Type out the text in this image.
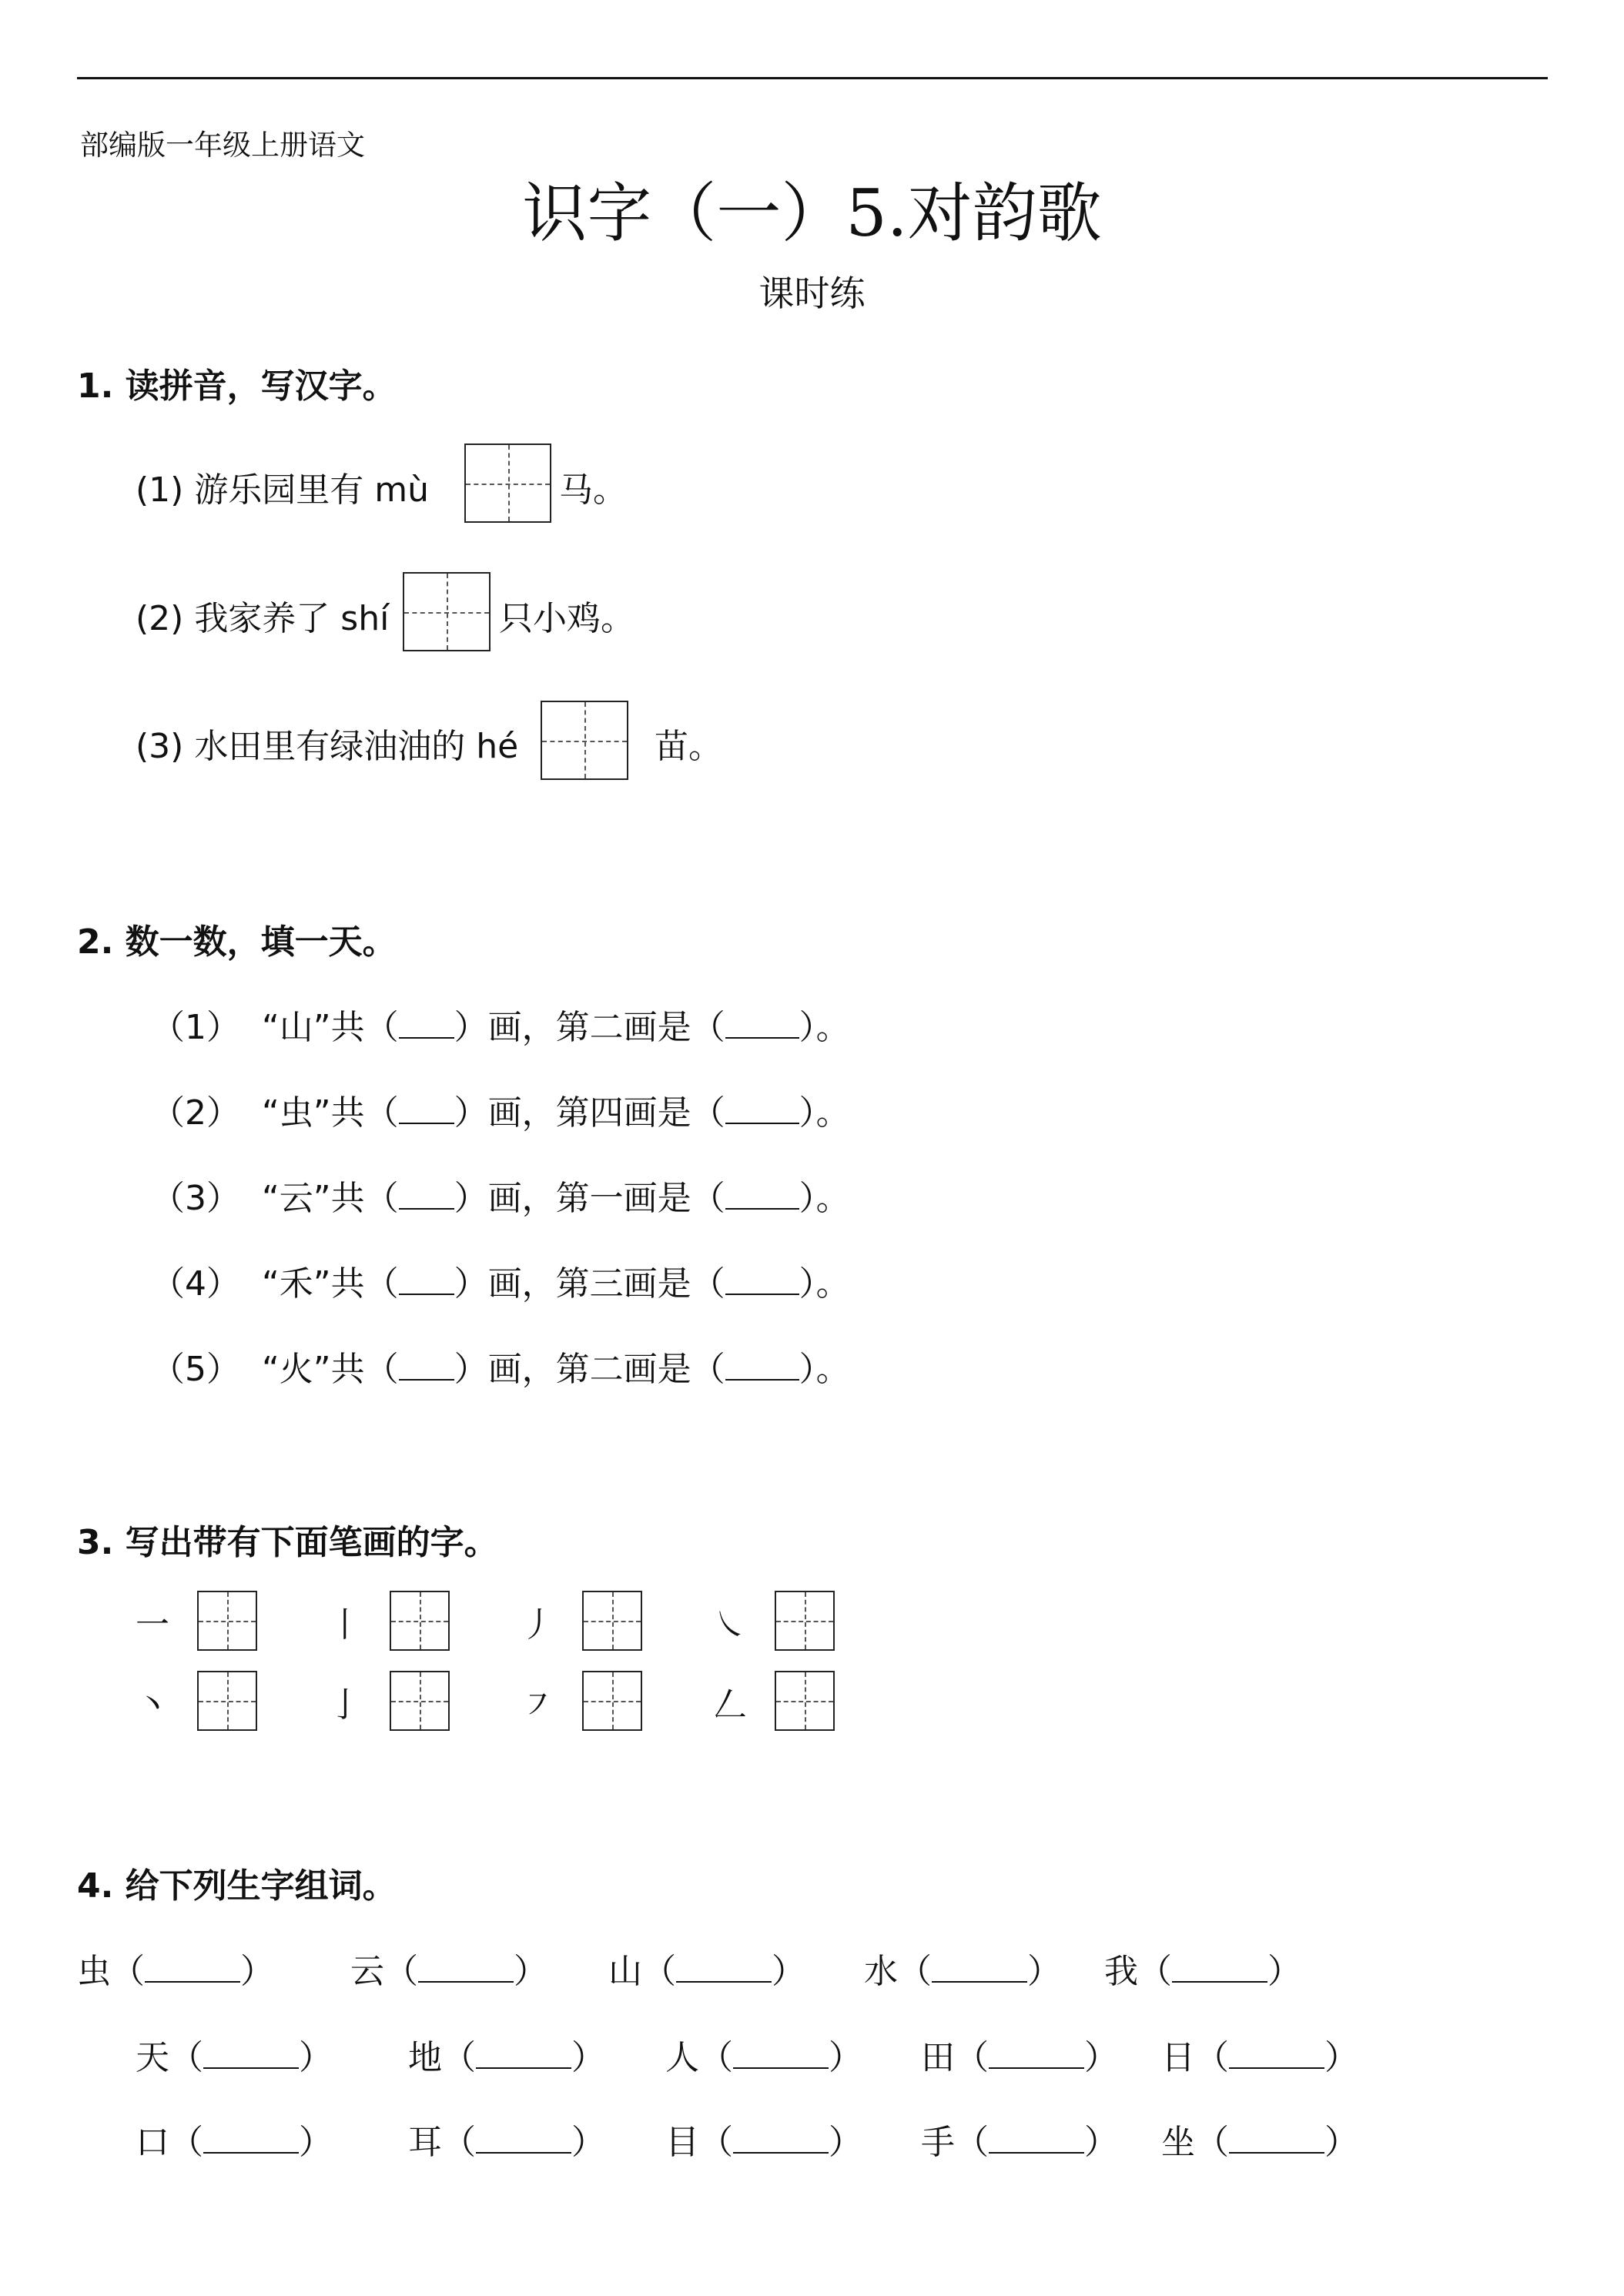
部编版一年级上册语文
识字（一）5.对韵歌
课时练
1. 读拼音，写汉字。
(1) 游乐园里有 mù	马。
(2) 我家养了 shí	只小鸡。
(3) 水田里有绿油油的 hé	苗。
2. 数一数，填一天。
（1） “山”共（ ）画，第二画是（ ）。
（2） “虫”共（ ）画，第四画是（ ）。
（3） “云”共（ ）画，第一画是（ ）。
（4） “禾”共（ ）画，第三画是（ ）。
（5） “火”共（ ）画，第二画是（ ）。
3. 写出带有下面笔画的字。
一	丨	丿	㇏
丶	亅	㇇	𠃋
4. 给下列生字组词。
虫（	） 云（	） 山（	） 水（	） 我（	）
天（	） 地（	） 人（	） 田（	） 日（	）
口（	） 耳（	） 目（	） 手（	） 坐（	）
